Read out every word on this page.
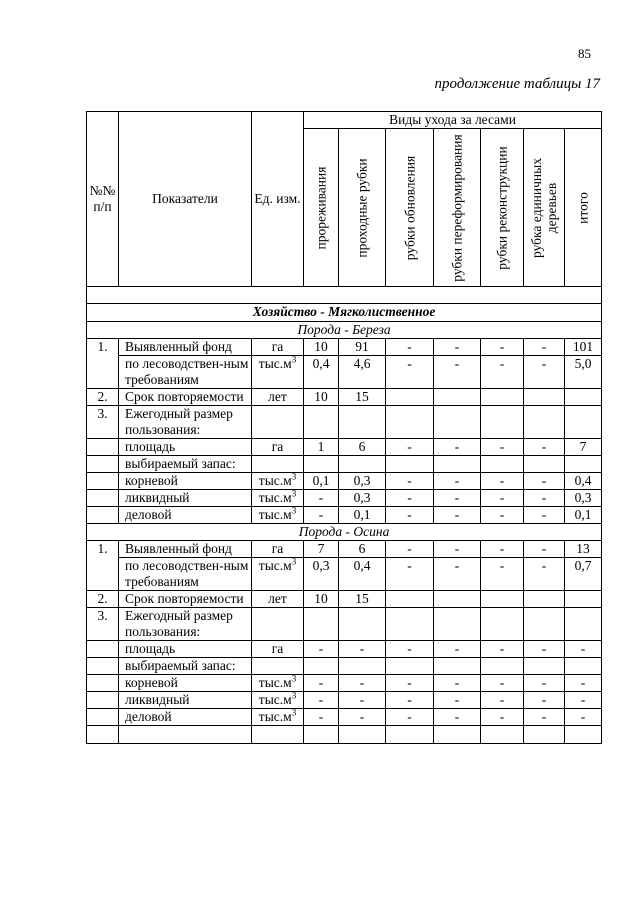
85
продолжение таблицы 17
№№ п/п	Показатели	Ед. изм.	Виды ухода за лесами						

			прореживания	проходные рубки	рубки обновления	рубки переформирования	рубки реконструкции	рубка единичных деревьев	итого

Хозяйство - Мягколиственное									
Порода - Береза									
1.	Выявленный фонд	га	10	91	-	-	-	-	101
	по лесоводствен-ным требованиям	$тыс.м^3$	0,4	4,6	-	-	-	-	5,0
2.	Срок повторяемости	лет	10	15					
3.	Ежегодный размер пользования:								
	площадь	га	1	6	-	-	-	-	7
	выбираемый запас:								
	корневой	$тыс.м^3$	0,1	0,3	-	-	-	-	0,4
	ликвидный	$тыс.м^3$	-	0,3	-	-	-	-	0,3
	деловой	$тыс.м^3$	-	0,1	-	-	-	-	0,1
Порода - Осина									
1.	Выявленный фонд	га	7	6	-	-	-	-	13
	по лесоводствен-ным требованиям	$тыс.м^3$	0,3	0,4	-	-	-	-	0,7
2.	Срок повторяемости	лет	10	15					
3.	Ежегодный размер пользования:								
	площадь	га	-	-	-	-	-	-	-
	выбираемый запас:								
	корневой	$тыс.м^3$	-	-	-	-	-	-	-
	ликвидный	$тыс.м^3$	-	-	-	-	-	-	-
	деловой	$тыс.м^3$	-	-	-	-	-	-	-
